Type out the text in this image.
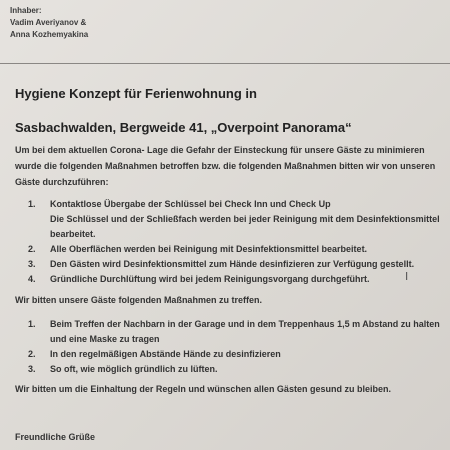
Inhaber:
Vadim Averiyanov &
Anna Kozhemyakina
Hygiene Konzept für Ferienwohnung in
Sasbachwalden, Bergweide 41, „Overpoint Panorama“
Um bei dem aktuellen Corona- Lage die Gefahr der Einsteckung für unsere Gäste zu minimieren wurde die folgenden Maßnahmen betroffen bzw. die folgenden Maßnahmen bitten wir von unseren Gäste durchzuführen:
1.	Kontaktlose Übergabe der Schlüssel bei Check Inn und Check Up
Die Schlüssel und der Schließfach werden bei jeder Reinigung mit dem Desinfektionsmittel bearbeitet.
2.	Alle Oberflächen werden bei Reinigung mit Desinfektionsmittel bearbeitet.
3.	Den Gästen wird Desinfektionsmittel zum Hände desinfizieren zur Verfügung gestellt.
4.	Gründliche Durchlüftung wird bei jedem Reinigungsvorgang durchgeführt.
Wir bitten unsere Gäste folgenden Maßnahmen zu treffen.
1.	Beim Treffen der Nachbarn in der Garage und in dem Treppenhaus 1,5 m Abstand zu halten und eine Maske zu tragen
2.	In den regelmäßigen Abstände Hände zu desinfizieren
3.	So oft, wie möglich gründlich zu lüften.
Wir bitten um die Einhaltung der Regeln und wünschen allen Gästen gesund zu bleiben.
Freundliche Grüße
I
